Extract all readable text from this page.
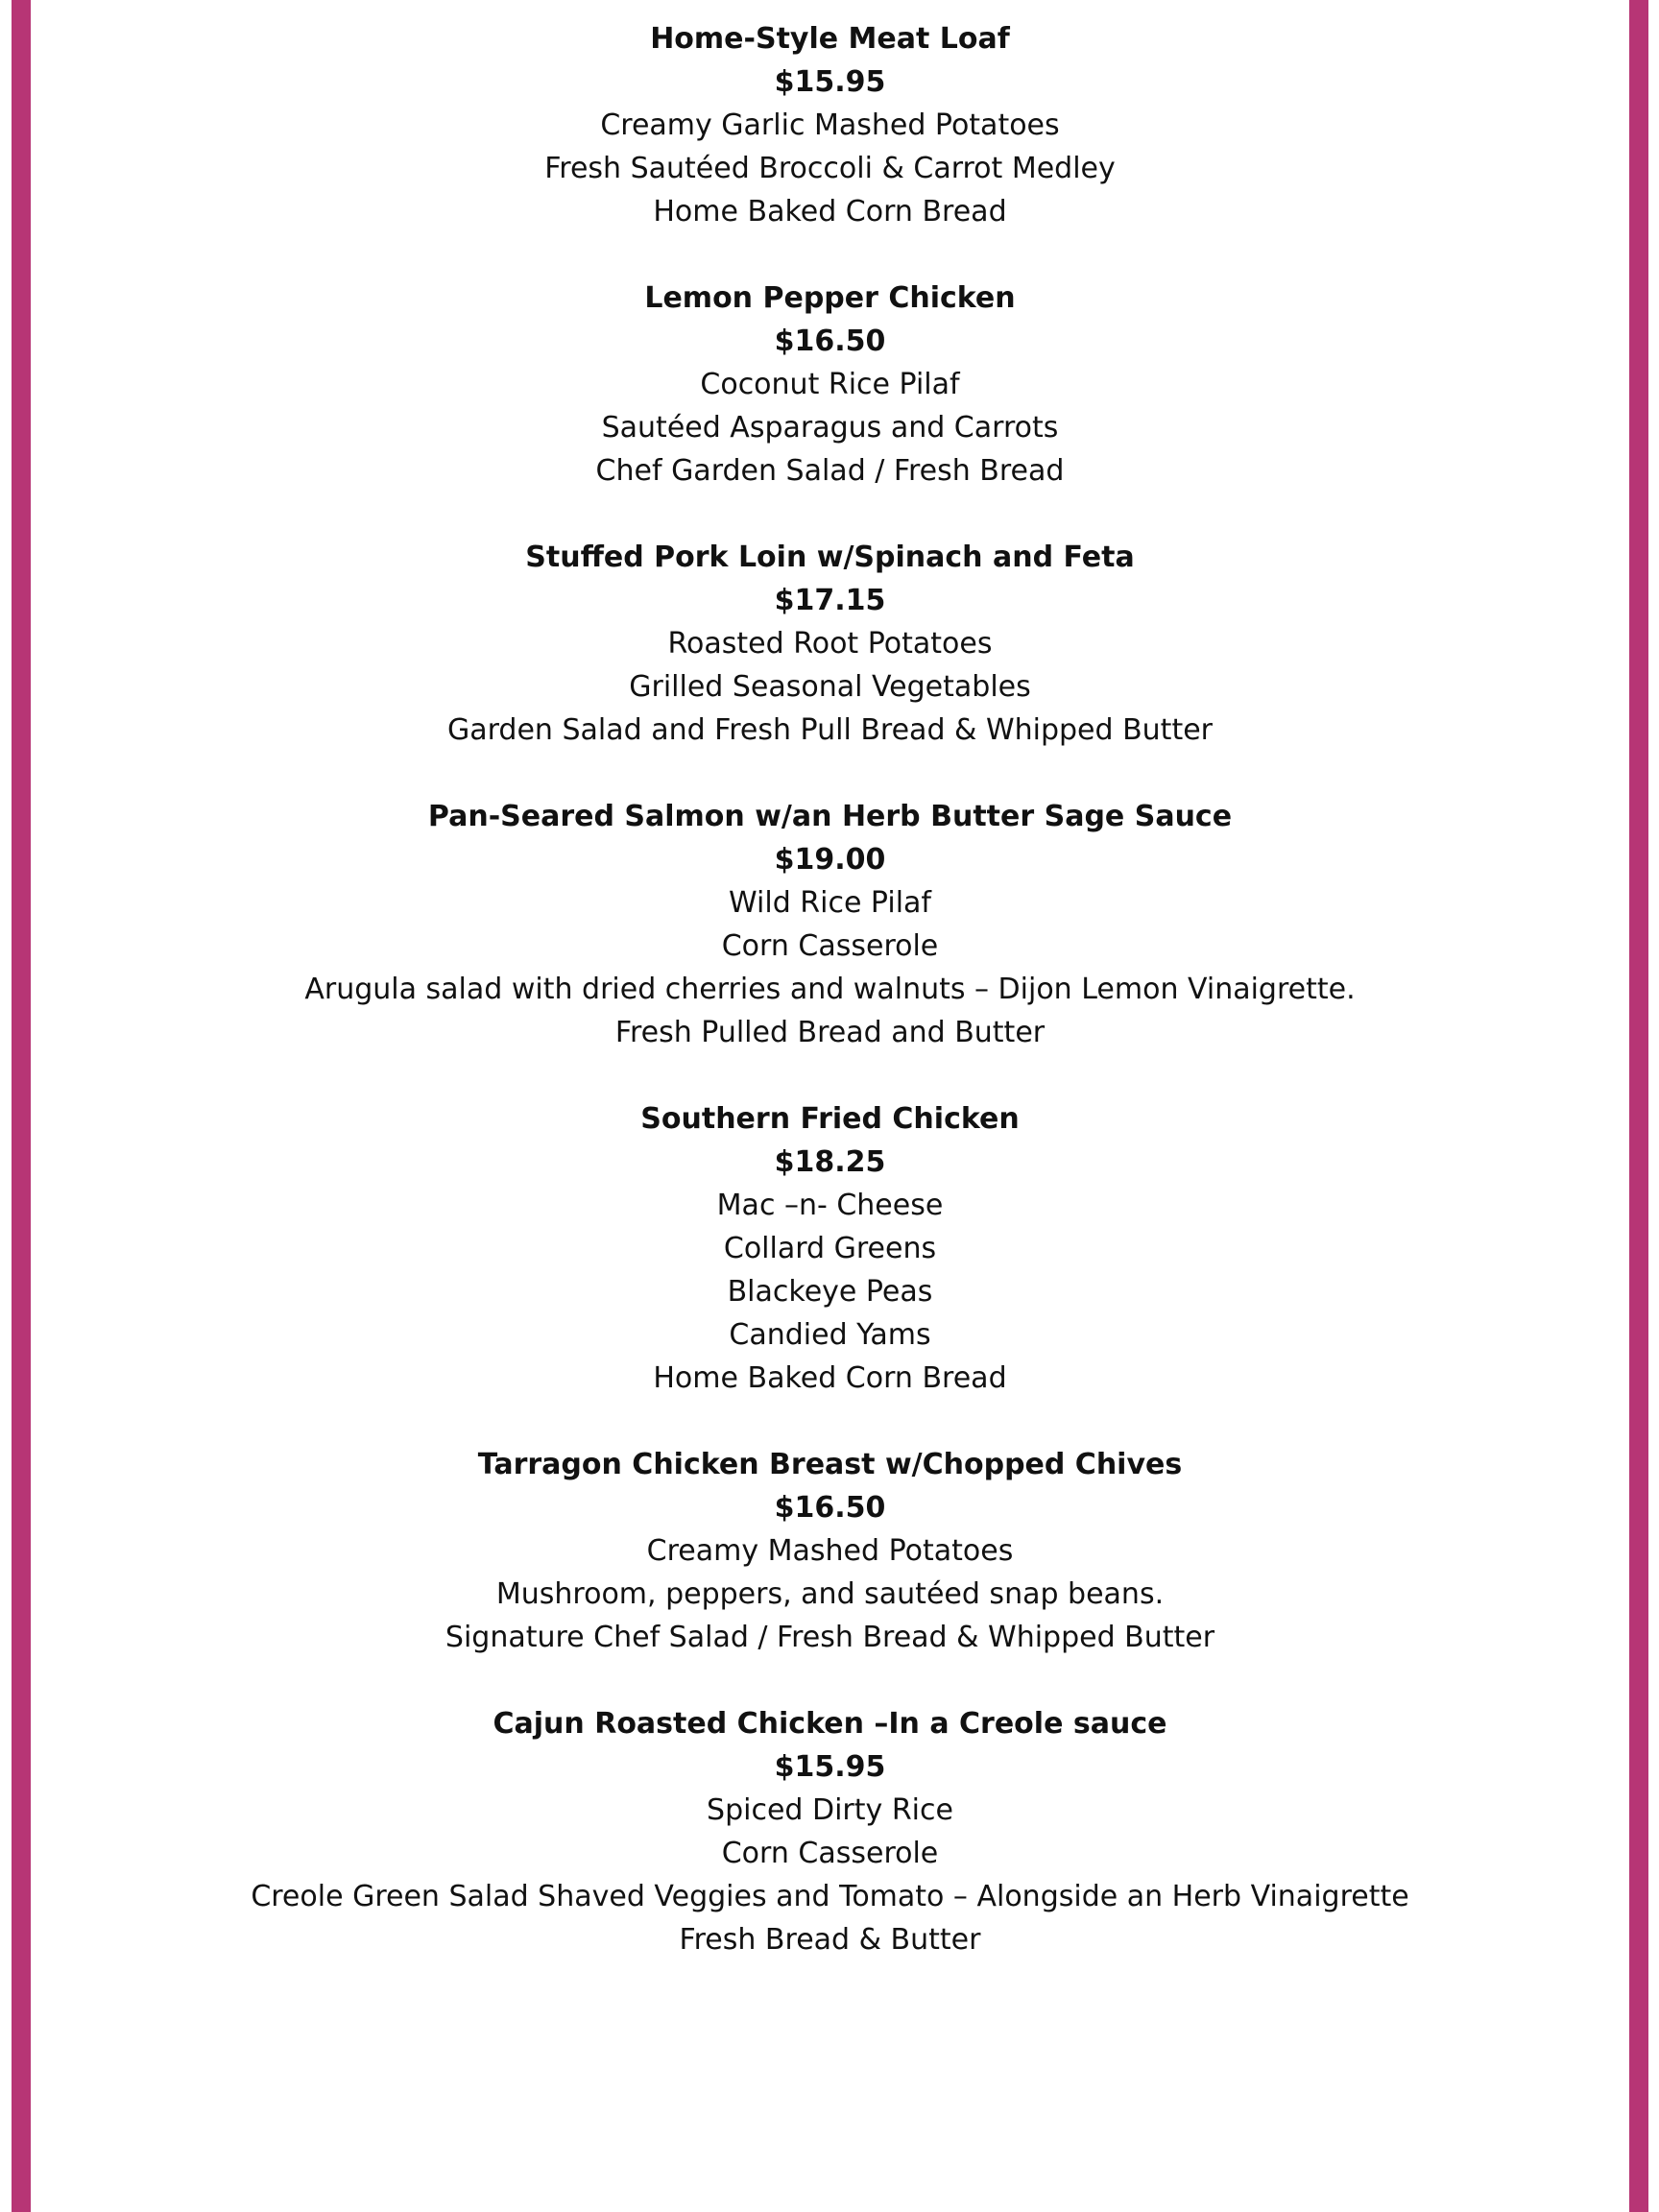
Home-Style Meat Loaf
$15.95
Creamy Garlic Mashed Potatoes
Fresh Sautéed Broccoli & Carrot Medley
Home Baked Corn Bread
Lemon Pepper Chicken
$16.50
Coconut Rice Pilaf
Sautéed Asparagus and Carrots
Chef Garden Salad / Fresh Bread
Stuffed Pork Loin w/Spinach and Feta
$17.15
Roasted Root Potatoes
Grilled Seasonal Vegetables
Garden Salad and Fresh Pull Bread & Whipped Butter
Pan-Seared Salmon w/an Herb Butter Sage Sauce
$19.00
Wild Rice Pilaf
Corn Casserole
Arugula salad with dried cherries and walnuts – Dijon Lemon Vinaigrette.
Fresh Pulled Bread and Butter
Southern Fried Chicken
$18.25
Mac –n- Cheese
Collard Greens
Blackeye Peas
Candied Yams
Home Baked Corn Bread
Tarragon Chicken Breast w/Chopped Chives
$16.50
Creamy Mashed Potatoes
Mushroom, peppers, and sautéed snap beans.
Signature Chef Salad / Fresh Bread & Whipped Butter
Cajun Roasted Chicken –In a Creole sauce
$15.95
Spiced Dirty Rice
Corn Casserole
Creole Green Salad Shaved Veggies and Tomato – Alongside an Herb Vinaigrette
Fresh Bread & Butter
